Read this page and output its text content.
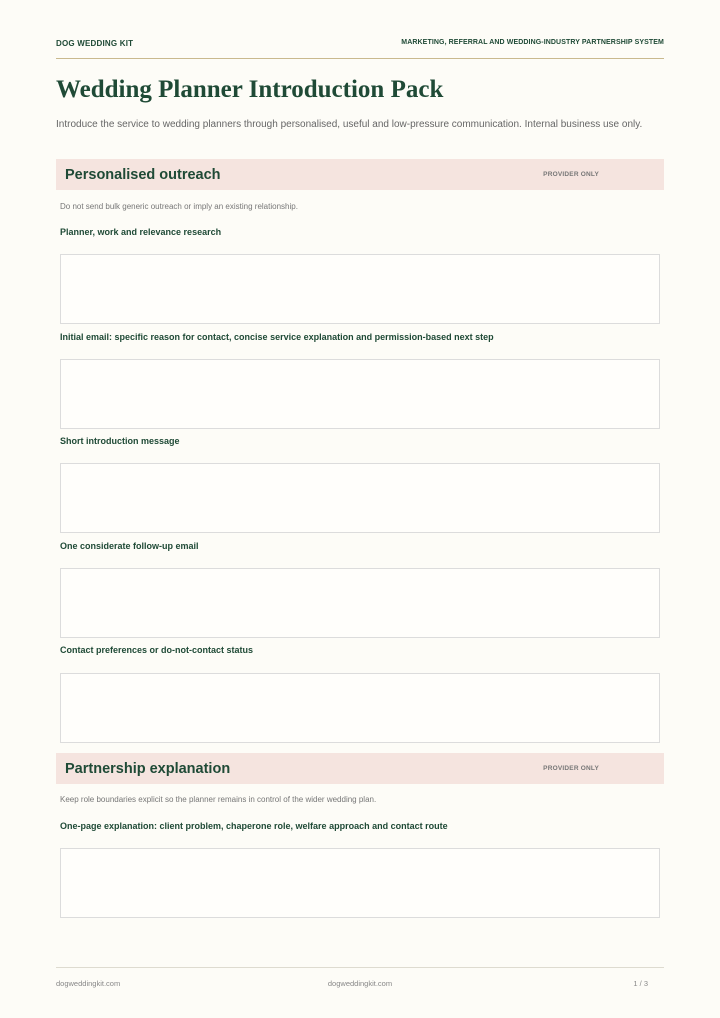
DOG WEDDING KIT	MARKETING, REFERRAL AND WEDDING-INDUSTRY PARTNERSHIP SYSTEM
Wedding Planner Introduction Pack

Introduce the service to wedding planners through personalised, useful and low-pressure communication. Internal business use only.

Personalised outreach	PROVIDER ONLY
Do not send bulk generic outreach or imply an existing relationship.
Planner, work and relevance research
Initial email: specific reason for contact, concise service explanation and permission-based next step
Short introduction message
One considerate follow-up email
Contact preferences or do-not-contact status
Partnership explanation	PROVIDER ONLY
Keep role boundaries explicit so the planner remains in control of the wider wedding plan.
One-page explanation: client problem, chaperone role, welfare approach and contact route
dogweddingkit.com	dogweddingkit.com	1 / 3
